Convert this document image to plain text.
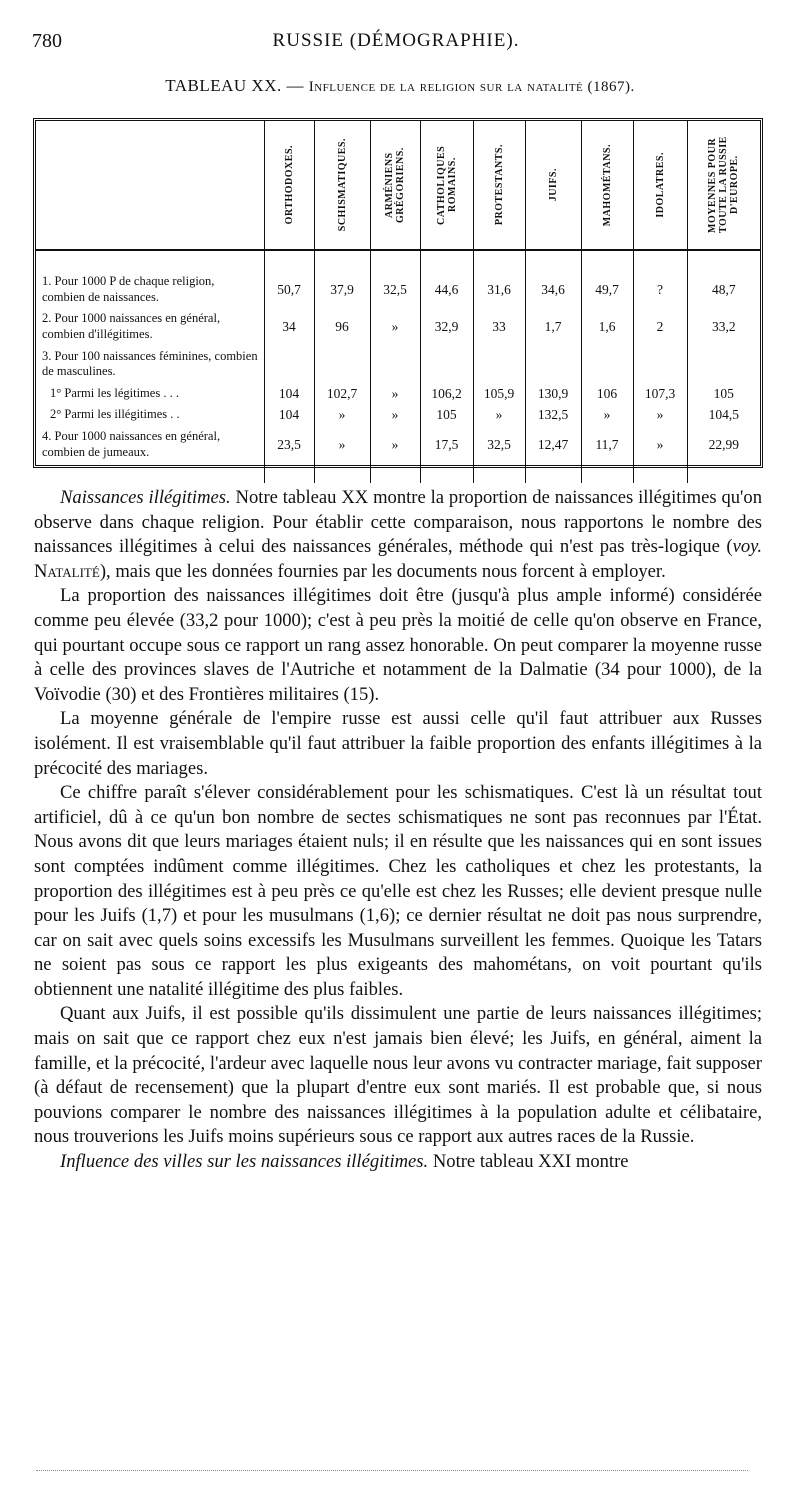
780	RUSSIE (DÉMOGRAPHIE).
TABLEAU XX. — Influence de la religion sur la natalité (1867).

	ORTHODOXES.	SCHISMATIQUES.	ARMÉNIENS GRÉGORIENS.	CATHOLIQUES ROMAINS.	PROTESTANTS.	JUIFS.	MAHOMÉTANS.	IDOLATRES.	MOYENNES POUR TOUTE LA RUSSIE D'EUROPE.

1. Pour 1000 P de chaque religion, combien de naissances.	50,7	37,9	32,5	44,6	31,6	34,6	49,7	?	48,7
2. Pour 1000 naissances en général, combien d'illégitimes.	34	96	»	32,9	33	1,7	1,6	2	33,2
3. Pour 100 naissances féminines, combien de masculines.									
1° Parmi les légitimes . . .	104	102,7	»	106,2	105,9	130,9	106	107,3	105
2° Parmi les illégitimes . .	104	»	»	105	»	132,5	»	»	104,5
4. Pour 1000 naissances en général, combien de jumeaux.	23,5	»	»	17,5	32,5	12,47	11,7	»	22,99

Naissances illégitimes. Notre tableau XX montre la proportion de naissances illégitimes qu'on observe dans chaque religion. Pour établir cette comparaison, nous rapportons le nombre des naissances illégitimes à celui des naissances générales, méthode qui n'est pas très-logique (voy. Natalité), mais que les données fournies par les documents nous forcent à employer.

La proportion des naissances illégitimes doit être (jusqu'à plus ample informé) considérée comme peu élevée (33,2 pour 1000); c'est à peu près la moitié de celle qu'on observe en France, qui pourtant occupe sous ce rapport un rang assez honorable. On peut comparer la moyenne russe à celle des provinces slaves de l'Autriche et notamment de la Dalmatie (34 pour 1000), de la Voïvodie (30) et des Frontières militaires (15).

La moyenne générale de l'empire russe est aussi celle qu'il faut attribuer aux Russes isolément. Il est vraisemblable qu'il faut attribuer la faible proportion des enfants illégitimes à la précocité des mariages.

Ce chiffre paraît s'élever considérablement pour les schismatiques. C'est là un résultat tout artificiel, dû à ce qu'un bon nombre de sectes schismatiques ne sont pas reconnues par l'État. Nous avons dit que leurs mariages étaient nuls; il en résulte que les naissances qui en sont issues sont comptées indûment comme illégitimes. Chez les catholiques et chez les protestants, la proportion des illégitimes est à peu près ce qu'elle est chez les Russes; elle devient presque nulle pour les Juifs (1,7) et pour les musulmans (1,6); ce dernier résultat ne doit pas nous surprendre, car on sait avec quels soins excessifs les Musulmans surveillent les femmes. Quoique les Tatars ne soient pas sous ce rapport les plus exigeants des mahométans, on voit pourtant qu'ils obtiennent une natalité illégitime des plus faibles.

Quant aux Juifs, il est possible qu'ils dissimulent une partie de leurs naissances illégitimes; mais on sait que ce rapport chez eux n'est jamais bien élevé; les Juifs, en général, aiment la famille, et la précocité, l'ardeur avec laquelle nous leur avons vu contracter mariage, fait supposer (à défaut de recensement) que la plupart d'entre eux sont mariés. Il est probable que, si nous pouvions comparer le nombre des naissances illégitimes à la population adulte et célibataire, nous trouverions les Juifs moins supérieurs sous ce rapport aux autres races de la Russie.

Influence des villes sur les naissances illégitimes. Notre tableau XXI montre
